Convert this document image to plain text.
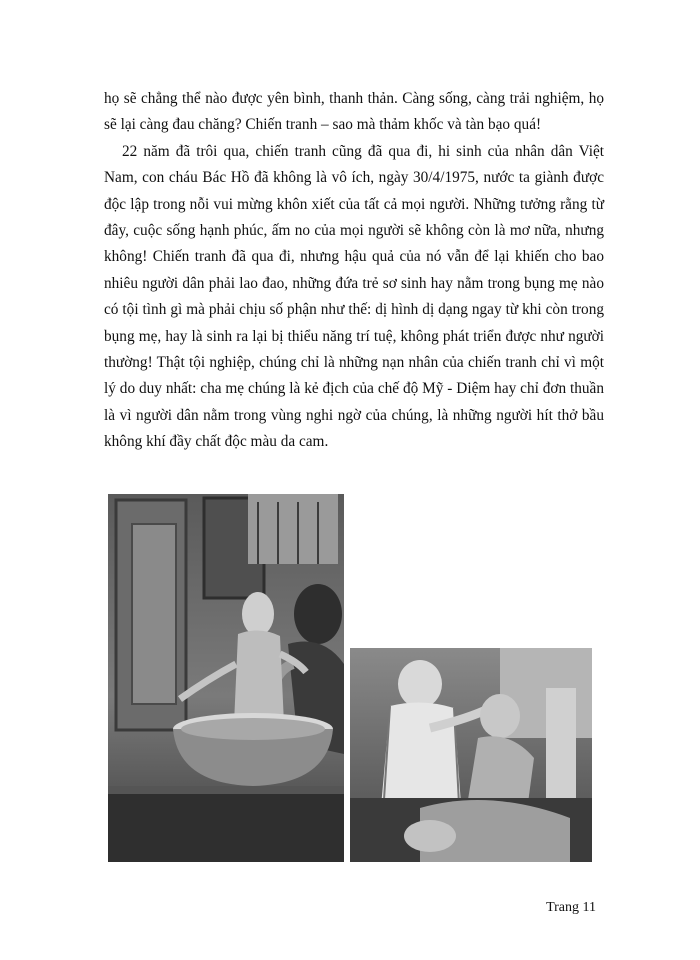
họ sẽ chẳng thể nào được yên bình, thanh thản. Càng sống, càng trải nghiệm, họ sẽ lại càng đau chăng? Chiến tranh – sao mà thảm khốc và tàn bạo quá!

22 năm đã trôi qua, chiến tranh cũng đã qua đi, hi sinh của nhân dân Việt Nam, con cháu Bác Hồ đã không là vô ích, ngày 30/4/1975, nước ta giành được độc lập trong nỗi vui mừng khôn xiết của tất cả mọi người. Những tưởng rằng từ đây, cuộc sống hạnh phúc, ấm no của mọi người sẽ không còn là mơ nữa, nhưng không! Chiến tranh đã qua đi, nhưng hậu quả của nó vẫn để lại khiến cho bao nhiêu người dân phải lao đao, những đứa trẻ sơ sinh hay nằm trong bụng mẹ nào có tội tình gì mà phải chịu số phận như thế: dị hình dị dạng ngay từ khi còn trong bụng mẹ, hay là sinh ra lại bị thiểu năng trí tuệ, không phát triển được như người thường! Thật tội nghiệp, chúng chỉ là những nạn nhân của chiến tranh chỉ vì một lý do duy nhất: cha mẹ chúng là kẻ địch của chế độ Mỹ - Diệm hay chỉ đơn thuần là vì người dân nằm trong vùng nghi ngờ của chúng, là những người hít thở bầu không khí đầy chất độc màu da cam.

Trang 11
